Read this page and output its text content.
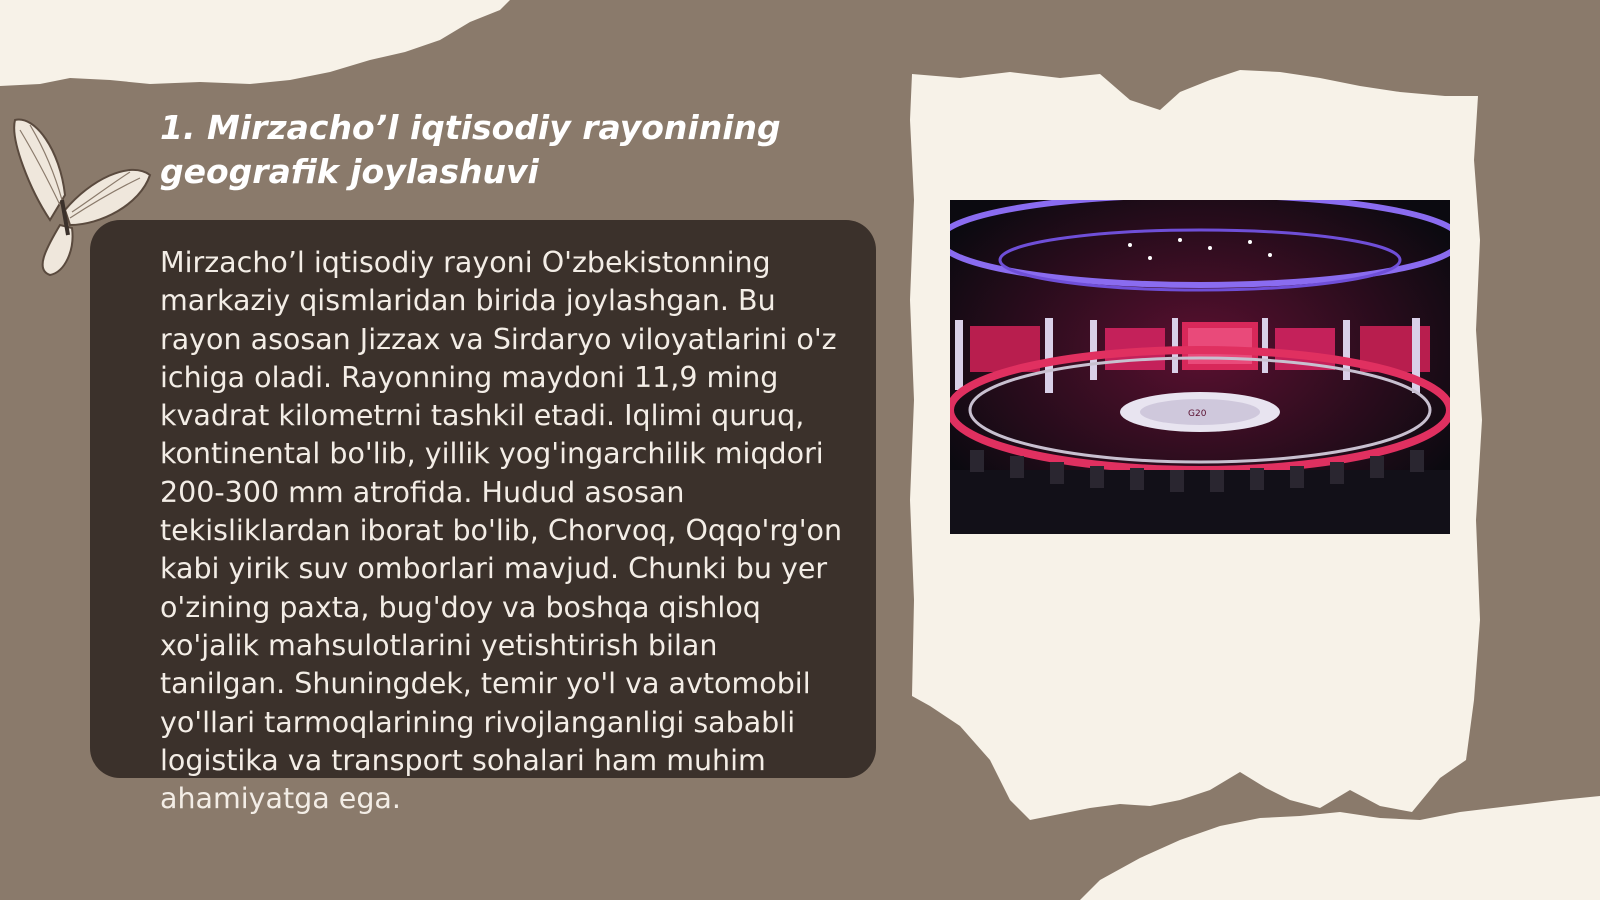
1. Mirzacho’l iqtisodiy rayonining geografik joylashuvi

Mirzacho’l iqtisodiy rayoni O'zbekistonning markaziy qismlaridan birida joylashgan. Bu rayon asosan Jizzax va Sirdaryo viloyatlarini o'z ichiga oladi. Rayonning maydoni 11,9 ming kvadrat kilometrni tashkil etadi. Iqlimi quruq, kontinental bo'lib, yillik yog'ingarchilik miqdori 200-300 mm atrofida. Hudud asosan tekisliklardan iborat bo'lib, Chorvoq, Oqqo'rg'on kabi yirik suv omborlari mavjud. Chunki bu yer o'zining paxta, bug'doy va boshqa qishloq xo'jalik mahsulotlarini yetishtirish bilan tanilgan. Shuningdek, temir yo'l va avtomobil yo'llari tarmoqlarining rivojlanganligi sababli logistika va transport sohalari ham muhim ahamiyatga ega.

G20
